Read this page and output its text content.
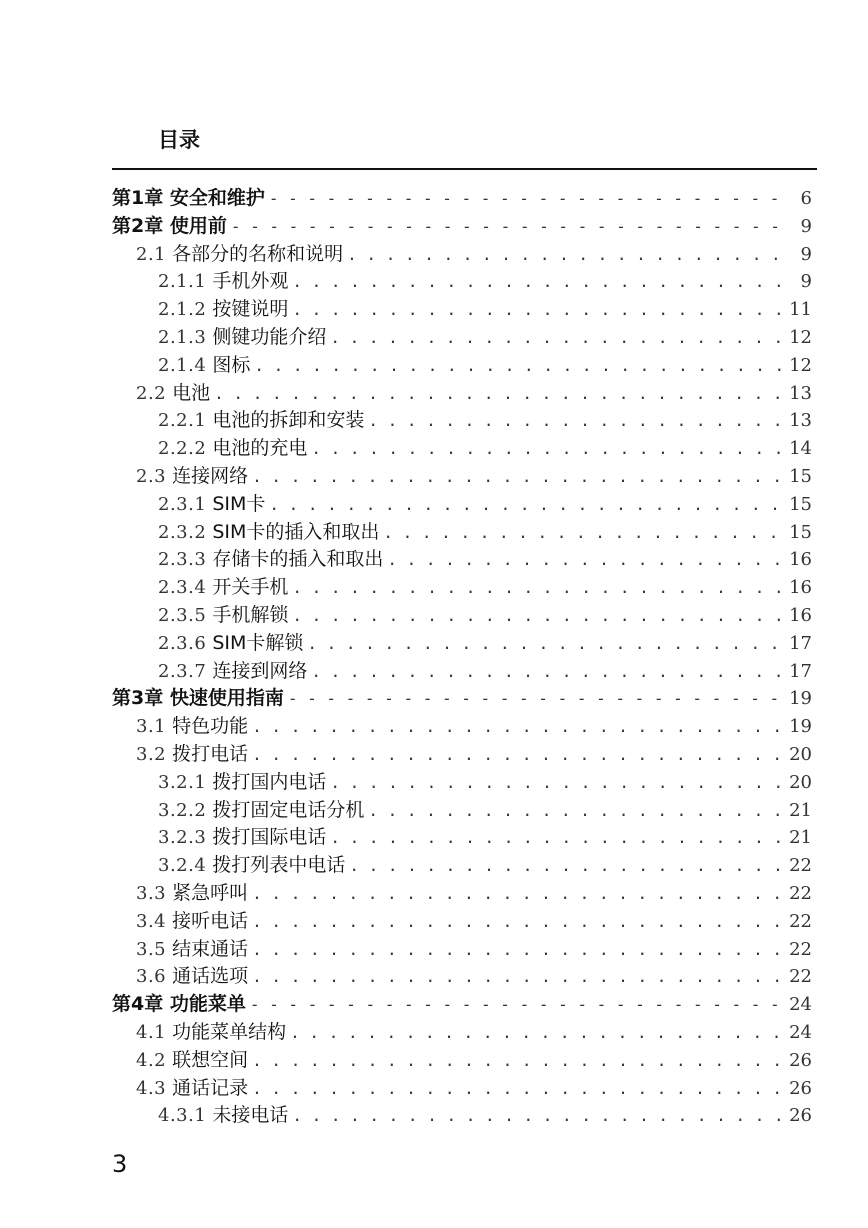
目录
第1章 安全和维护 - - -	6
第2章 使用前 - - -	9
2.1 各部分的名称和说明 . . .	9
2.1.1 手机外观 . . .	9
2.1.2 按键说明 . . .	11
2.1.3 侧键功能介绍 . . .	12
2.1.4 图标 . . .	12
2.2 电池 . . .	13
2.2.1 电池的拆卸和安装 . . .	13
2.2.2 电池的充电 . . .	14
2.3 连接网络 . . .	15
2.3.1 SIM卡 . . .	15
2.3.2 SIM卡的插入和取出 . . .	15
2.3.3 存储卡的插入和取出 . . .	16
2.3.4 开关手机 . . .	16
2.3.5 手机解锁 . . .	16
2.3.6 SIM卡解锁 . . .	17
2.3.7 连接到网络 . . .	17
第3章 快速使用指南 - - -	19
3.1 特色功能 . . .	19
3.2 拨打电话 . . .	20
3.2.1 拨打国内电话 . . .	20
3.2.2 拨打固定电话分机 . . .	21
3.2.3 拨打国际电话 . . .	21
3.2.4 拨打列表中电话 . . .	22
3.3 紧急呼叫 . . .	22
3.4 接听电话 . . .	22
3.5 结束通话 . . .	22
3.6 通话选项 . . .	22
第4章 功能菜单 - - -	24
4.1 功能菜单结构 . . .	24
4.2 联想空间 . . .	26
4.3 通话记录 . . .	26
4.3.1 未接电话 . . .	26
3
